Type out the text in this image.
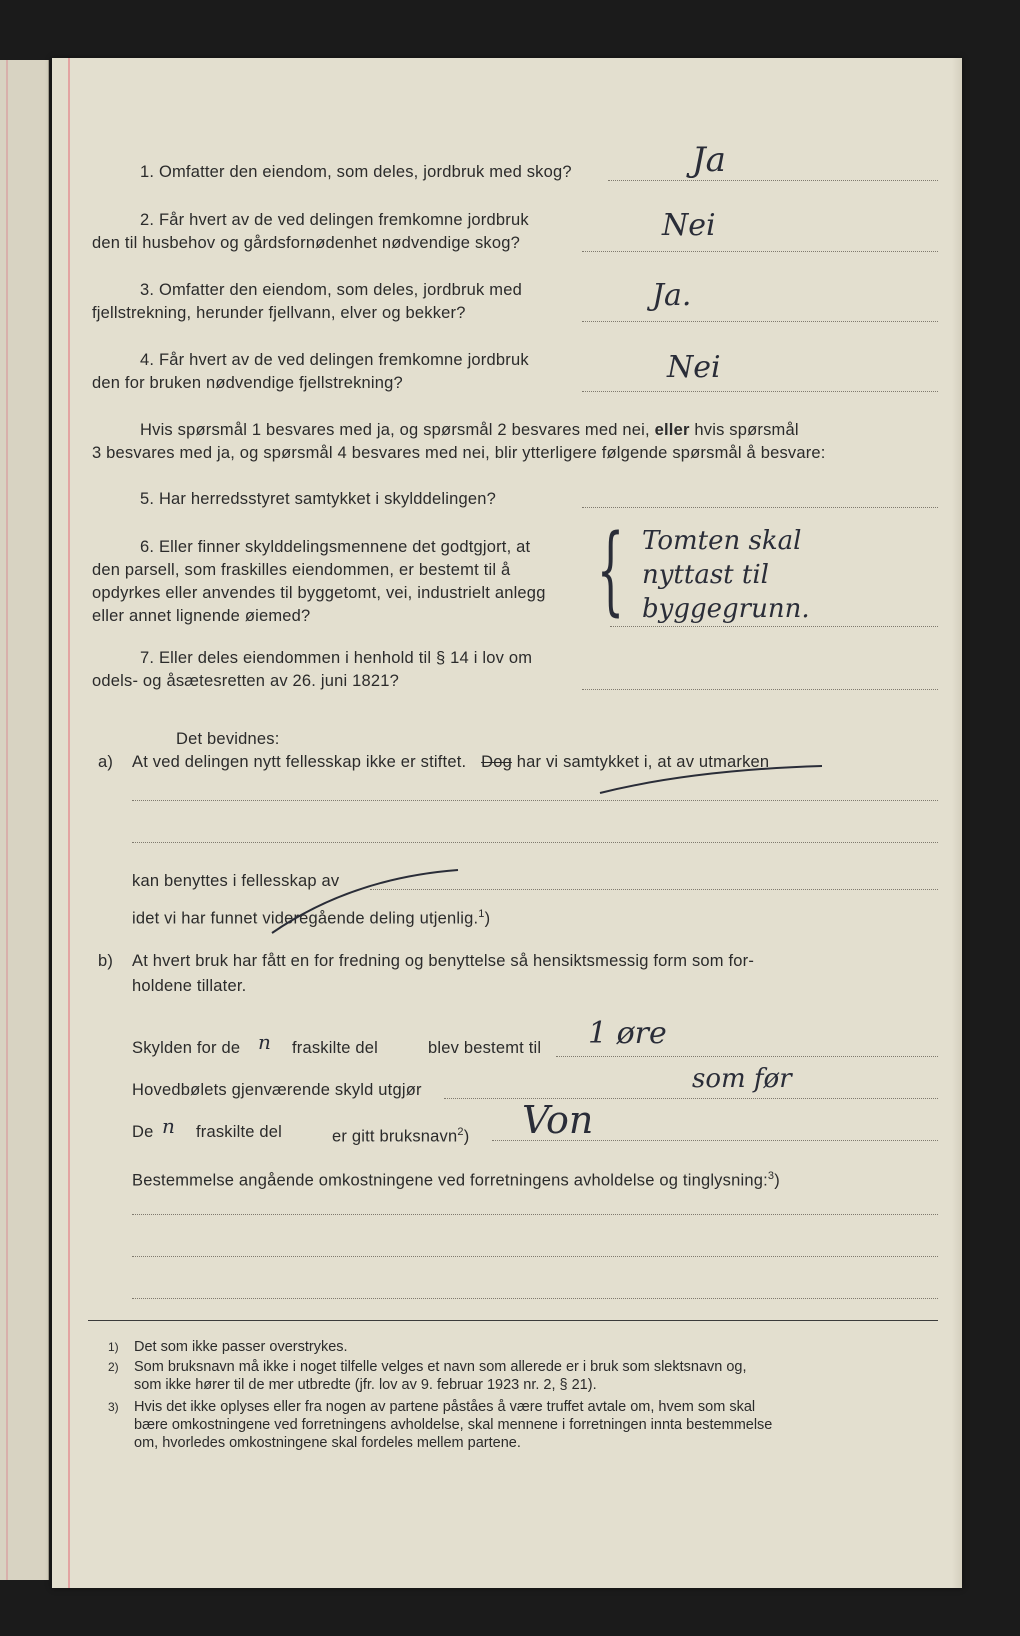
1. Omfatter den eiendom, som deles, jordbruk med skog?	Ja
2. Får hvert av de ved delingen fremkomne jordbruk
den til husbehov og gårdsfornødenhet nødvendige skog?	Nei
3. Omfatter den eiendom, som deles, jordbruk med
fjellstrekning, herunder fjellvann, elver og bekker?	Ja.
4. Får hvert av de ved delingen fremkomne jordbruk
den for bruken nødvendige fjellstrekning?	Nei
Hvis spørsmål 1 besvares med ja, og spørsmål 2 besvares med nei, eller hvis spørsmål
3 besvares med ja, og spørsmål 4 besvares med nei, blir ytterligere følgende spørsmål å besvare:
5. Har herredsstyret samtykket i skylddelingen?
6. Eller finner skylddelingsmennene det godtgjort, at
den parsell, som fraskilles eiendommen, er bestemt til å
opdyrkes eller anvendes til byggetomt, vei, industrielt anlegg
eller annet lignende øiemed?	{ Tomten skal
nyttast til
byggegrunn.
7. Eller deles eiendommen i henhold til § 14 i lov om
odels- og åsætesretten av 26. juni 1821?
Det bevidnes:
a) At ved delingen nytt fellesskap ikke er stiftet. Dog har vi samtykket i, at av utmarken
kan benyttes i fellesskap av
idet vi har funnet videregående deling utjenlig.$^1$)
b) At hvert bruk har fått en for fredning og benyttelse så hensiktsmessig form som for-
holdene tillater.
Skylden for de n fraskilte del	blev bestemt til 1 øre
Hovedbølets gjenværende skyld utgjør	som før
De n fraskilte del	er gitt bruksnavn$^2$) Von
Bestemmelse angående omkostningene ved forretningens avholdelse og tinglysning:$^3$)
1) Det som ikke passer overstrykes.
2) Som bruksnavn må ikke i noget tilfelle velges et navn som allerede er i bruk som slektsnavn og,
som ikke hører til de mer utbredte (jfr. lov av 9. februar 1923 nr. 2, § 21).
3) Hvis det ikke oplyses eller fra nogen av partene påståes å være truffet avtale om, hvem som skal
bære omkostningene ved forretningens avholdelse, skal mennene i forretningen innta bestemmelse
om, hvorledes omkostningene skal fordeles mellem partene.
